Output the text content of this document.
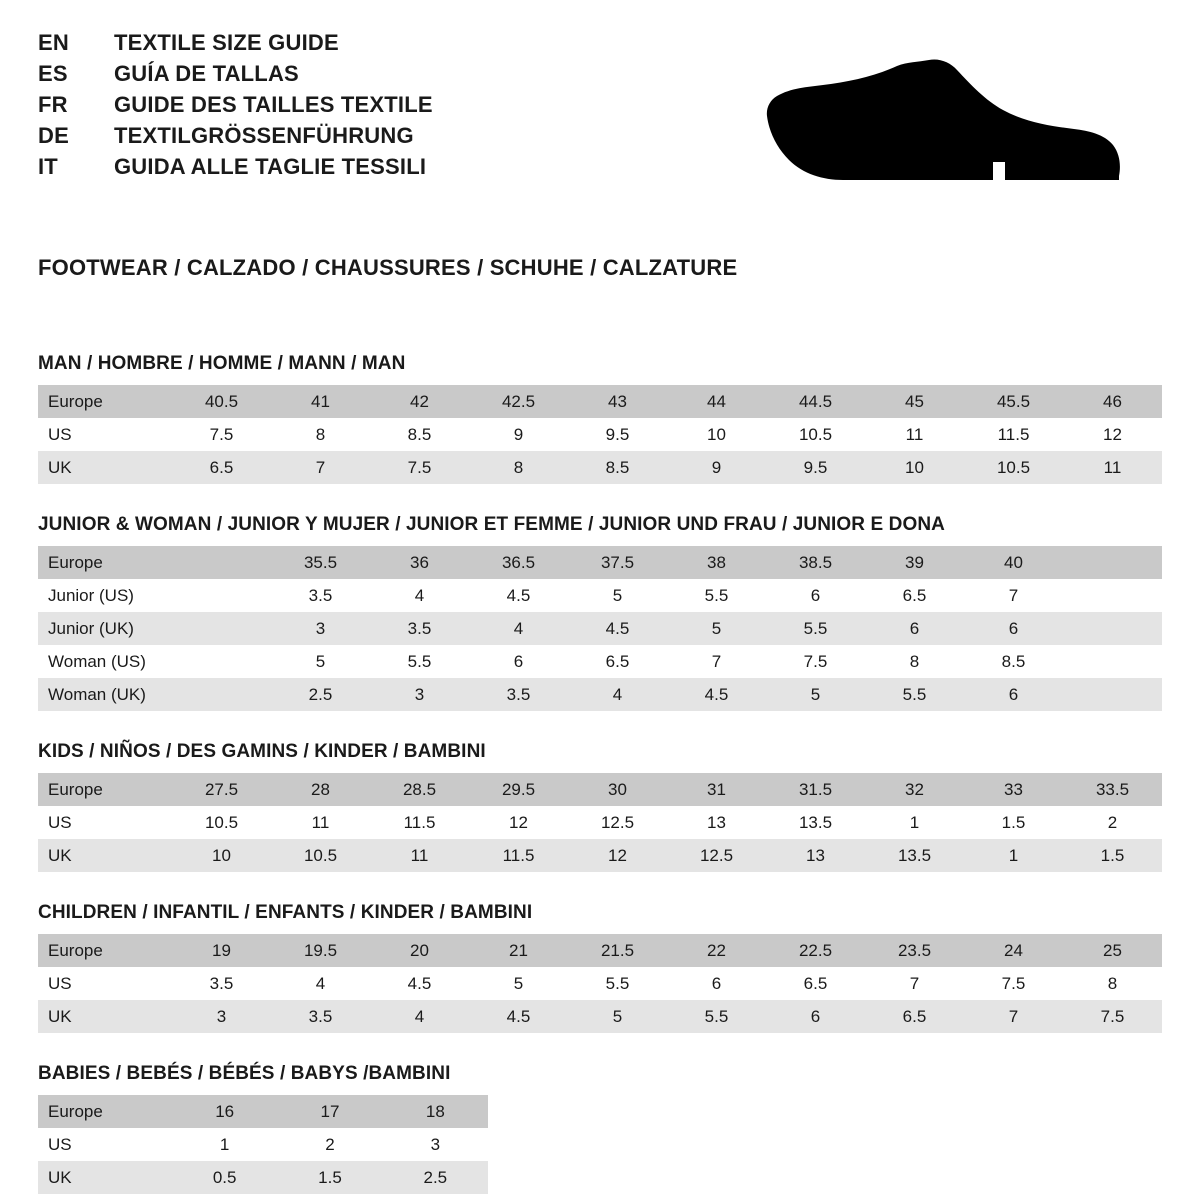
EN	TEXTILE SIZE GUIDE
ES	GUÍA DE TALLAS
FR	GUIDE DES TAILLES TEXTILE
DE	TEXTILGRÖSSENFÜHRUNG
IT	GUIDA ALLE TAGLIE TESSILI
FOOTWEAR / CALZADO / CHAUSSURES / SCHUHE / CALZATURE
MAN / HOMBRE / HOMME / MANN / MAN
Europe	40.5	41	42	42.5	43	44	44.5	45	45.5	46
US	7.5	8	8.5	9	9.5	10	10.5	11	11.5	12
UK	6.5	7	7.5	8	8.5	9	9.5	10	10.5	11
JUNIOR & WOMAN / JUNIOR Y MUJER / JUNIOR ET FEMME / JUNIOR UND FRAU / JUNIOR E DONA
Europe		35.5	36	36.5	37.5	38	38.5	39	40	
Junior (US)		3.5	4	4.5	5	5.5	6	6.5	7	
Junior (UK)		3	3.5	4	4.5	5	5.5	6	6	
Woman (US)		5	5.5	6	6.5	7	7.5	8	8.5	
Woman (UK)		2.5	3	3.5	4	4.5	5	5.5	6	
KIDS / NIÑOS / DES GAMINS / KINDER / BAMBINI
Europe	27.5	28	28.5	29.5	30	31	31.5	32	33	33.5
US	10.5	11	11.5	12	12.5	13	13.5	1	1.5	2
UK	10	10.5	11	11.5	12	12.5	13	13.5	1	1.5
CHILDREN / INFANTIL / ENFANTS / KINDER / BAMBINI
Europe	19	19.5	20	21	21.5	22	22.5	23.5	24	25
US	3.5	4	4.5	5	5.5	6	6.5	7	7.5	8
UK	3	3.5	4	4.5	5	5.5	6	6.5	7	7.5
BABIES / BEBÉS / BÉBÉS / BABYS /BAMBINI
Europe	16	17	18
US	1	2	3
UK	0.5	1.5	2.5
